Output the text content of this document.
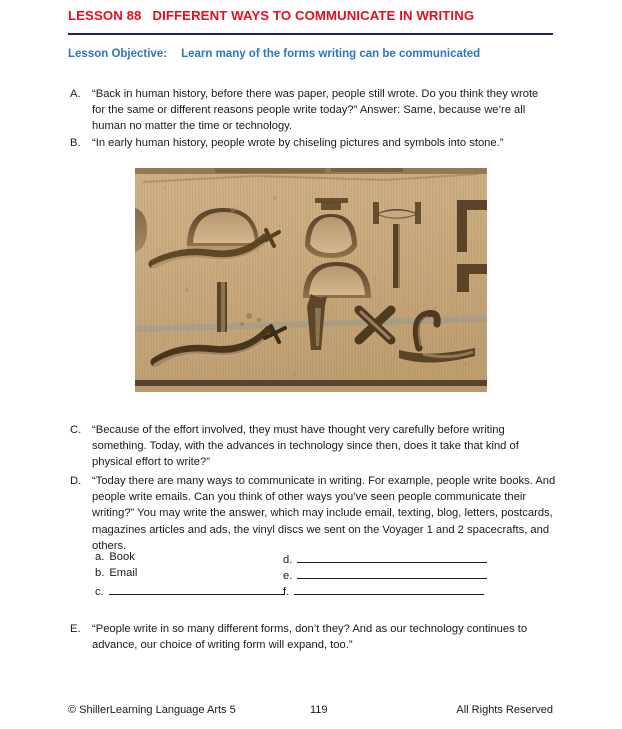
LESSON 88 DIFFERENT WAYS TO COMMUNICATE IN WRITING
Lesson Objective: Learn many of the forms writing can be communicated
A.	“Back in human history, before there was paper, people still wrote. Do you think they wrote for the same or different reasons people write today?” Answer: Same, because we’re all human no matter the time or technology.
B.	“In early human history, people wrote by chiseling pictures and symbols into stone.”
C. “Because of the effort involved, they must have thought very carefully before writing something. Today, with the advances in technology since then, does it take that kind of physical effort to write?”
D. “Today there are many ways to communicate in writing. For example, people write books. And people write emails. Can you think of other ways you’ve seen people communicate their writing?” You may write the answer, which may include email, texting, blog, letters, postcards, magazines articles and ads, the vinyl discs we sent on the Voyager 1 and 2 spacecrafts, and others.
a. Book
b. Email
c.
d.
e.
f.
E.	“People write in so many different forms, don’t they? And as our technology continues to advance, our choice of writing form will expand, too.”
© ShillerLearning Language Arts 5	119	All Rights Reserved
